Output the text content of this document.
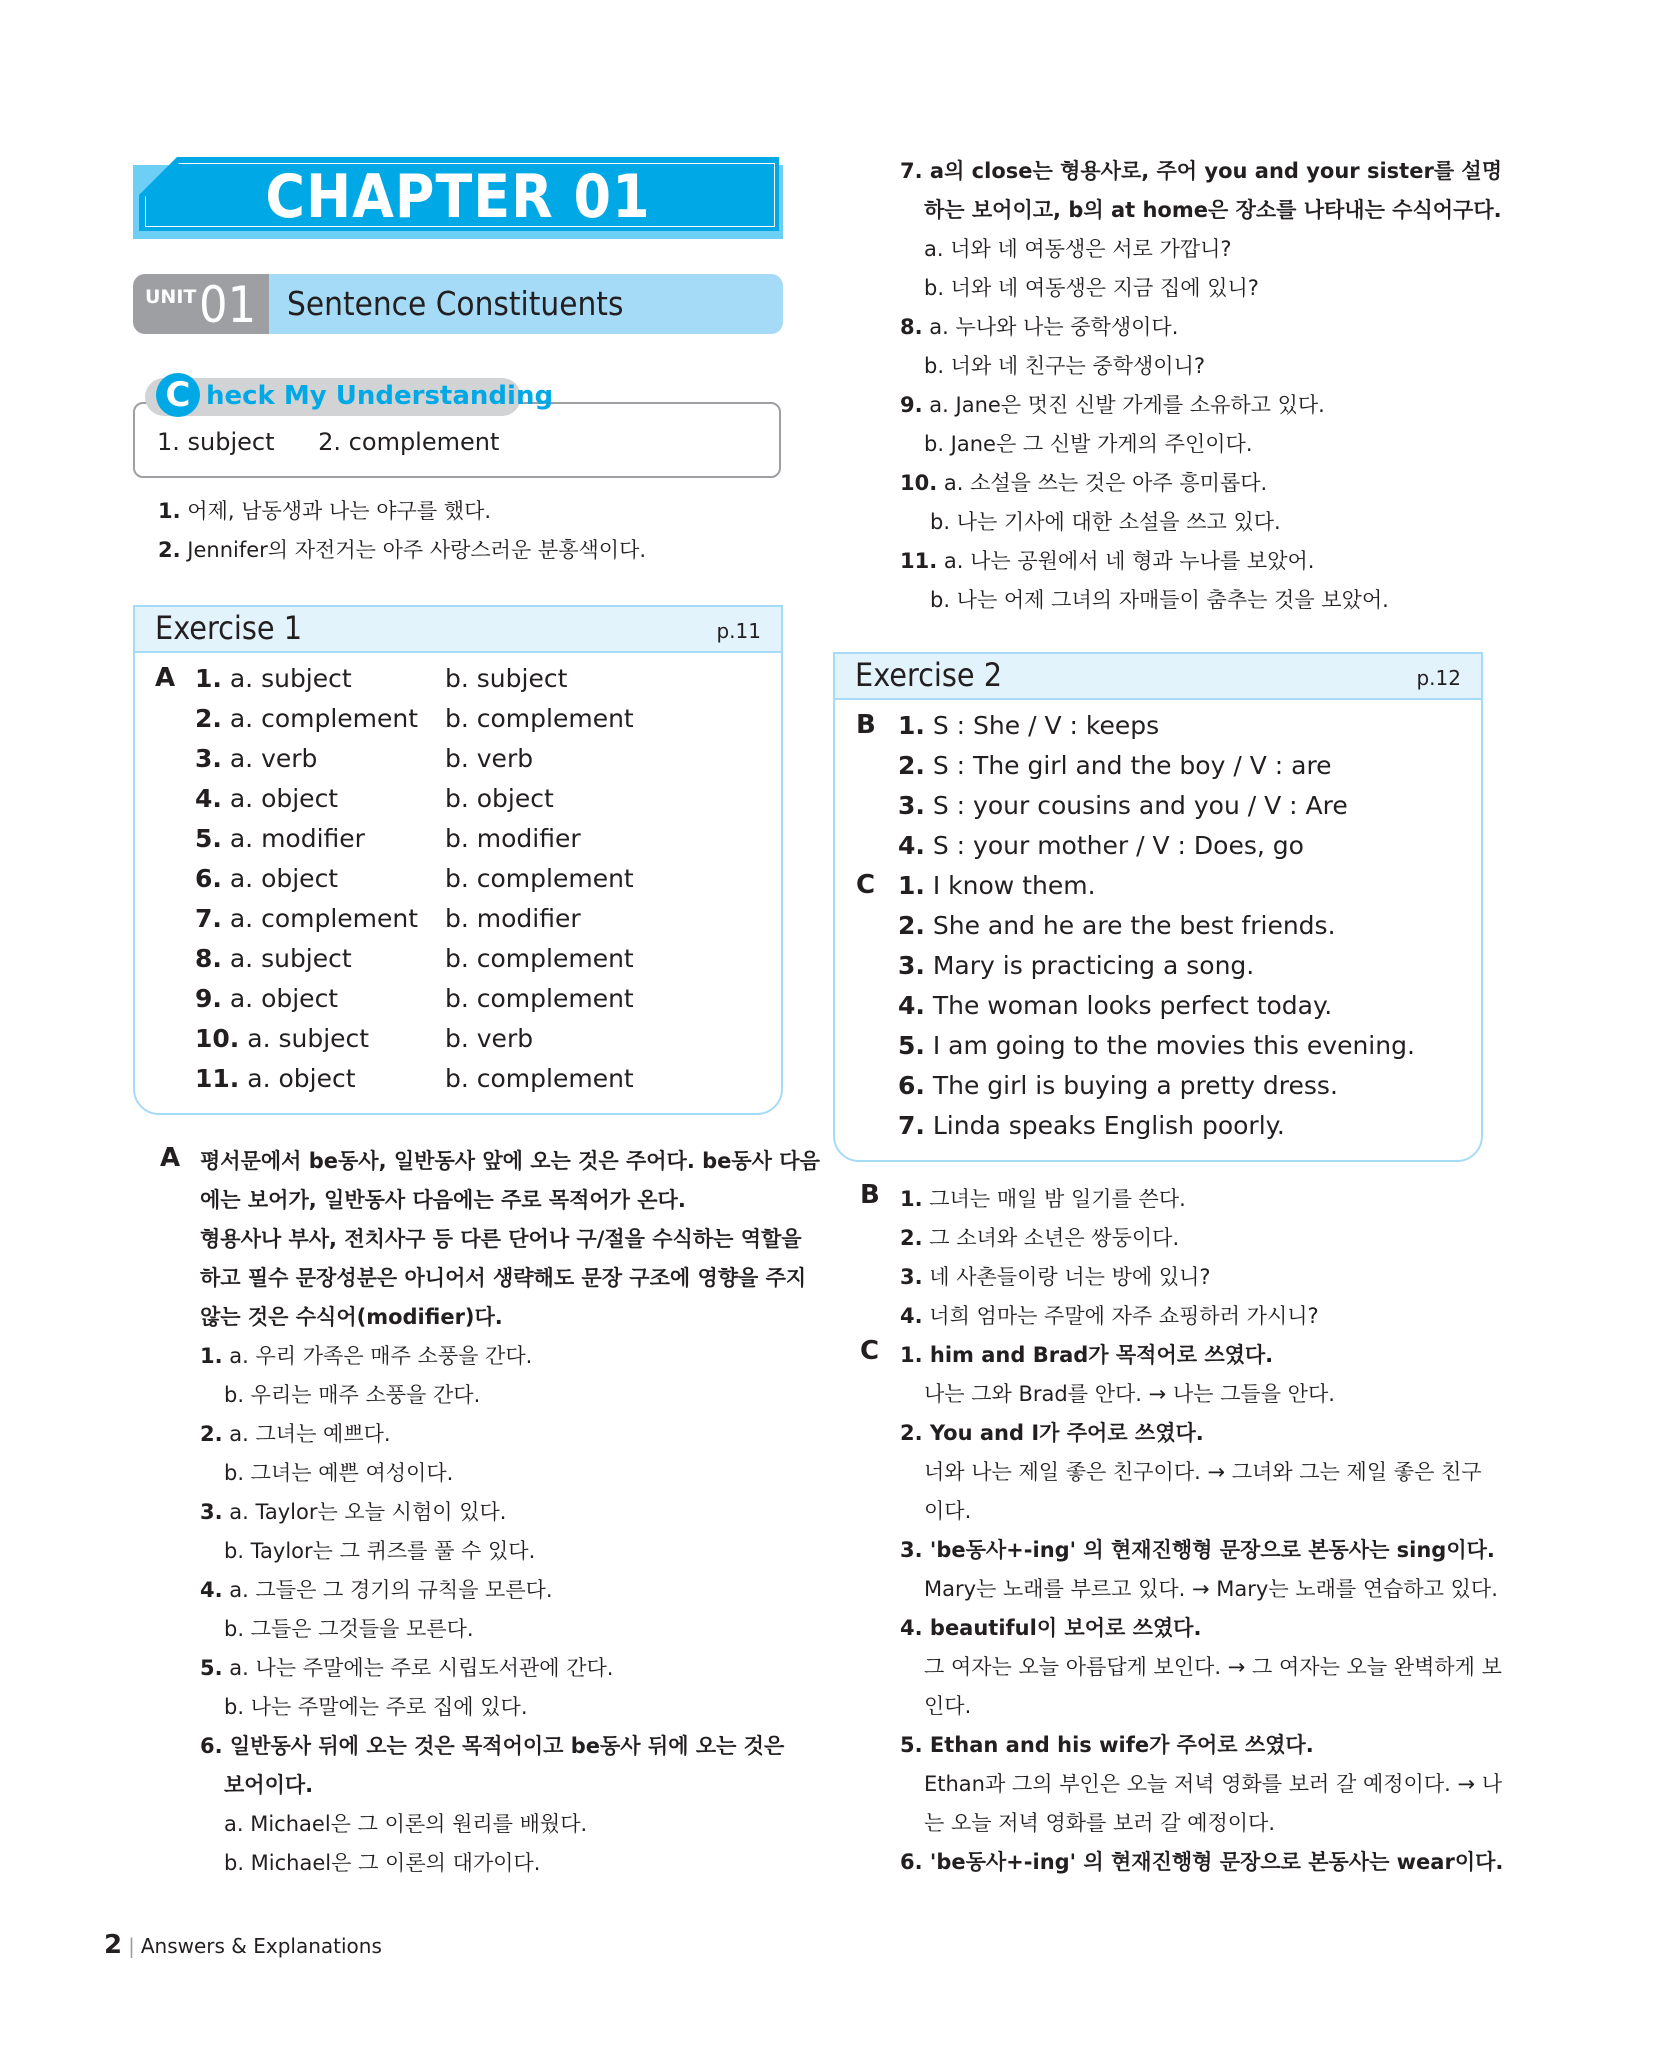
CHAPTER 01
UNIT 01 Sentence Constituents
C heck My Understanding
1. subject 2. complement
1. 어제, 남동생과 나는 야구를 했다.
2. Jennifer의 자전거는 아주 사랑스러운 분홍색이다.
Exercise 1	p.11
A 1. a. subject	b. subject
2. a. complement b. complement
3. a. verb	b. verb
4. a. object	b. object
5. a. modifier	b. modifier
6. a. object	b. complement
7. a. complement b. modifier
8. a. subject	b. complement
9. a. object	b. complement
10. a. subject	b. verb
11. a. object	b. complement
A 평서문에서 be동사, 일반동사 앞에 오는 것은 주어다. be동사 다음
에는 보어가, 일반동사 다음에는 주로 목적어가 온다.
형용사나 부사, 전치사구 등 다른 단어나 구/절을 수식하는 역할을
하고 필수 문장성분은 아니어서 생략해도 문장 구조에 영향을 주지
않는 것은 수식어(modifier)다.
1. a. 우리 가족은 매주 소풍을 간다.
b. 우리는 매주 소풍을 간다.
2. a. 그녀는 예쁘다.
b. 그녀는 예쁜 여성이다.
3. a. Taylor는 오늘 시험이 있다.
b. Taylor는 그 퀴즈를 풀 수 있다.
4. a. 그들은 그 경기의 규칙을 모른다.
b. 그들은 그것들을 모른다.
5. a. 나는 주말에는 주로 시립도서관에 간다.
b. 나는 주말에는 주로 집에 있다.
6. 일반동사 뒤에 오는 것은 목적어이고 be동사 뒤에 오는 것은
보어이다.
a. Michael은 그 이론의 원리를 배웠다.
b. Michael은 그 이론의 대가이다.
7. a의 close는 형용사로, 주어 you and your sister를 설명
하는 보어이고, b의 at home은 장소를 나타내는 수식어구다.
a. 너와 네 여동생은 서로 가깝니?
b. 너와 네 여동생은 지금 집에 있니?
8. a. 누나와 나는 중학생이다.
b. 너와 네 친구는 중학생이니?
9. a. Jane은 멋진 신발 가게를 소유하고 있다.
b. Jane은 그 신발 가게의 주인이다.
10. a. 소설을 쓰는 것은 아주 흥미롭다.
b. 나는 기사에 대한 소설을 쓰고 있다.
11. a. 나는 공원에서 네 형과 누나를 보았어.
b. 나는 어제 그녀의 자매들이 춤추는 것을 보았어.
Exercise 2	p.12
B 1. S : She / V : keeps
2. S : The girl and the boy / V : are
3. S : your cousins and you / V : Are
4. S : your mother / V : Does, go
C 1. I know them.
2. She and he are the best friends.
3. Mary is practicing a song.
4. The woman looks perfect today.
5. I am going to the movies this evening.
6. The girl is buying a pretty dress.
7. Linda speaks English poorly.
B 1. 그녀는 매일 밤 일기를 쓴다.
2. 그 소녀와 소년은 쌍둥이다.
3. 네 사촌들이랑 너는 방에 있니?
4. 너희 엄마는 주말에 자주 쇼핑하러 가시니?
C 1. him and Brad가 목적어로 쓰였다.
나는 그와 Brad를 안다. → 나는 그들을 안다.
2. You and I가 주어로 쓰였다.
너와 나는 제일 좋은 친구이다. → 그녀와 그는 제일 좋은 친구
이다.
3. 'be동사+-ing' 의 현재진행형 문장으로 본동사는 sing이다.
Mary는 노래를 부르고 있다. → Mary는 노래를 연습하고 있다.
4. beautiful이 보어로 쓰였다.
그 여자는 오늘 아름답게 보인다. → 그 여자는 오늘 완벽하게 보
인다.
5. Ethan and his wife가 주어로 쓰였다.
Ethan과 그의 부인은 오늘 저녁 영화를 보러 갈 예정이다. → 나
는 오늘 저녁 영화를 보러 갈 예정이다.
6. 'be동사+-ing' 의 현재진행형 문장으로 본동사는 wear이다.
2 | Answers & Explanations
